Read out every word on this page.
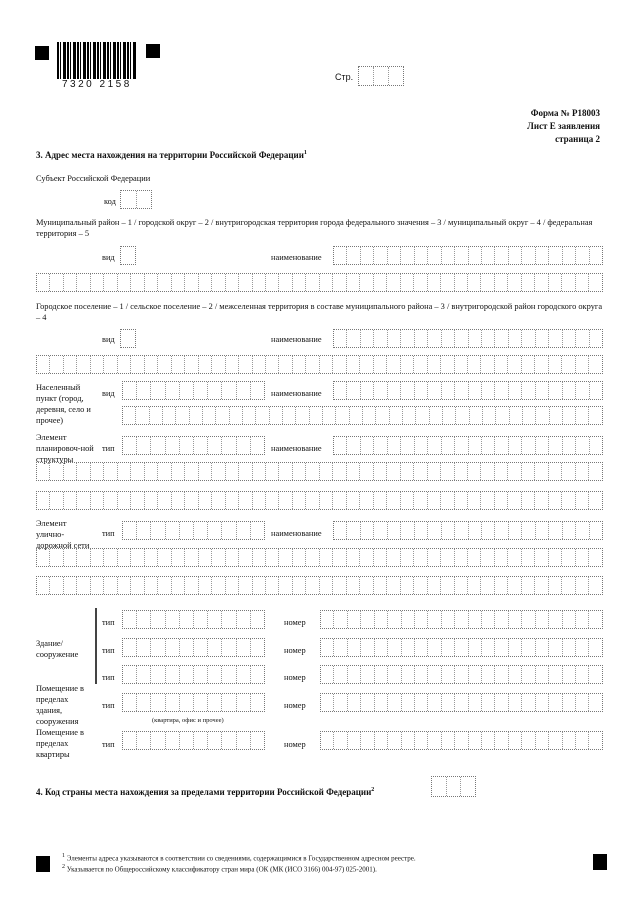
7320 2158
Стр.
Форма № Р18003
Лист Е заявления
страница 2
3. Адрес места нахождения на территории Российской Федерации$^1$
Субъект Российской Федерации
код
Муниципальный район – 1 / городской округ – 2 / внутригородская территория города федерального значения – 3 / муниципальный округ – 4 / федеральная территория – 5
вид	наименование
Городское поселение – 1 / сельское поселение – 2 / межселенная территория в составе муниципального района – 3 / внутригородской район городского округа – 4
вид	наименование
Населенный пункт (город, деревня, село и прочее)
вид	наименование
Элемент планировоч-ной структуры
тип	наименование
Элемент улично-дорожной сети
тип	наименование
Здание/ сооружение
тип	номер
тип	номер
тип	номер
Помещение в пределах здания, сооружения
тип	номер
(квартира, офис и прочее)
Помещение в пределах квартиры
тип	номер
4. Код страны места нахождения за пределами территории Российской Федерации$^2$
$^1$ Элементы адреса указываются в соответствии со сведениями, содержащимися в Государственном адресном реестре.
$^2$ Указывается по Общероссийскому классификатору стран мира (ОК (МК (ИСО 3166) 004-97) 025-2001).
